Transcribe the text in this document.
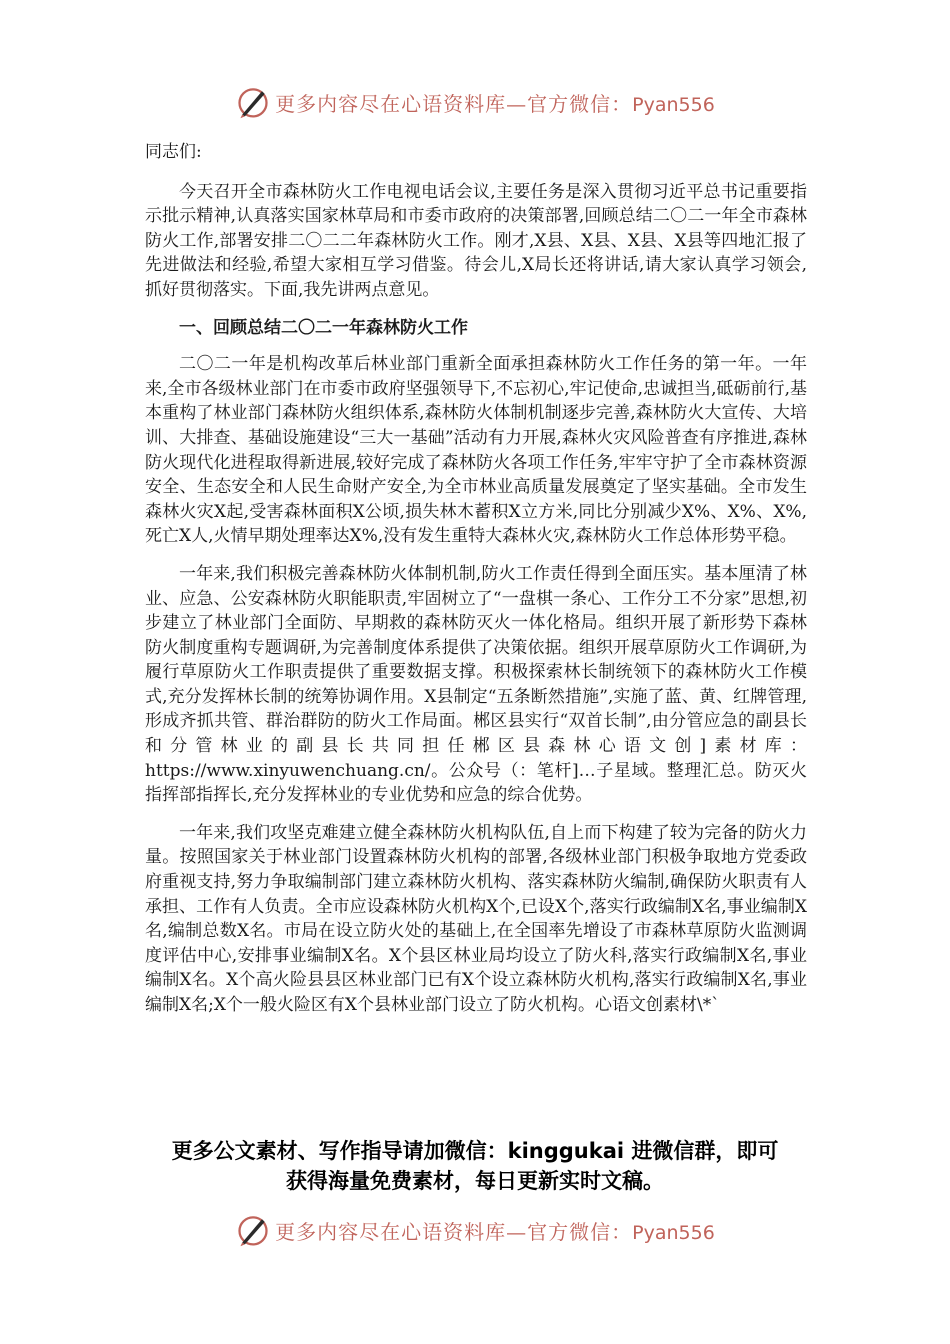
更多内容尽在心语资料库—官方微信：Pyan556

同志们:

今天召开全市森林防火工作电视电话会议,主要任务是深入贯彻习近平总书记重要指示批示精神,认真落实国家林草局和市委市政府的决策部署,回顾总结二〇二一年全市森林防火工作,部署安排二〇二二年森林防火工作。刚才,X县、X县、X县、X县等四地汇报了先进做法和经验,希望大家相互学习借鉴。待会儿,X局长还将讲话,请大家认真学习领会,抓好贯彻落实。下面,我先讲两点意见。

一、回顾总结二〇二一年森林防火工作

二〇二一年是机构改革后林业部门重新全面承担森林防火工作任务的第一年。一年来,全市各级林业部门在市委市政府坚强领导下,不忘初心,牢记使命,忠诚担当,砥砺前行,基本重构了林业部门森林防火组织体系,森林防火体制机制逐步完善,森林防火大宣传、大培训、大排查、基础设施建设“三大一基础”活动有力开展,森林火灾风险普查有序推进,森林防火现代化进程取得新进展,较好完成了森林防火各项工作任务,牢牢守护了全市森林资源安全、生态安全和人民生命财产安全,为全市林业高质量发展奠定了坚实基础。全市发生森林火灾X起,受害森林面积X公顷,损失林木蓄积X立方米,同比分别减少X%、X%、X%,死亡X人,火情早期处理率达X%,没有发生重特大森林火灾,森林防火工作总体形势平稳。

一年来,我们积极完善森林防火体制机制,防火工作责任得到全面压实。基本厘清了林业、应急、公安森林防火职能职责,牢固树立了“一盘棋一条心、工作分工不分家”思想,初步建立了林业部门全面防、早期救的森林防灭火一体化格局。组织开展了新形势下森林防火制度重构专题调研,为完善制度体系提供了决策依据。组织开展草原防火工作调研,为履行草原防火工作职责提供了重要数据支撑。积极探索林长制统领下的森林防火工作模式,充分发挥林长制的统筹协调作用。X县制定“五条断然措施”,实施了蓝、黄、红牌管理,形成齐抓共管、群治群防的防火工作局面。郴区县实行“双首长制”,由分管应急的副县长和分管林业的副县长共同担任郴区县森林心语文创]素材库：https://www.xinyuwenchuang.cn/。公众号（：笔杆]…子星域。整理汇总。防灭火指挥部指挥长,充分发挥林业的专业优势和应急的综合优势。

一年来,我们攻坚克难建立健全森林防火机构队伍,自上而下构建了较为完备的防火力量。按照国家关于林业部门设置森林防火机构的部署,各级林业部门积极争取地方党委政府重视支持,努力争取编制部门建立森林防火机构、落实森林防火编制,确保防火职责有人承担、工作有人负责。全市应设森林防火机构X个,已设X个,落实行政编制X名,事业编制X名,编制总数X名。市局在设立防火处的基础上,在全国率先增设了市森林草原防火监测调度评估中心,安排事业编制X名。X个县区林业局均设立了防火科,落实行政编制X名,事业编制X名。X个高火险县县区林业部门已有X个设立森林防火机构,落实行政编制X名,事业编制X名;X个一般火险区有X个县林业部门设立了防火机构。心语文创素材\*`

更多公文素材、写作指导请加微信：kinggukai 进微信群，即可
获得海量免费素材，每日更新实时文稿。
更多内容尽在心语资料库—官方微信：Pyan556
